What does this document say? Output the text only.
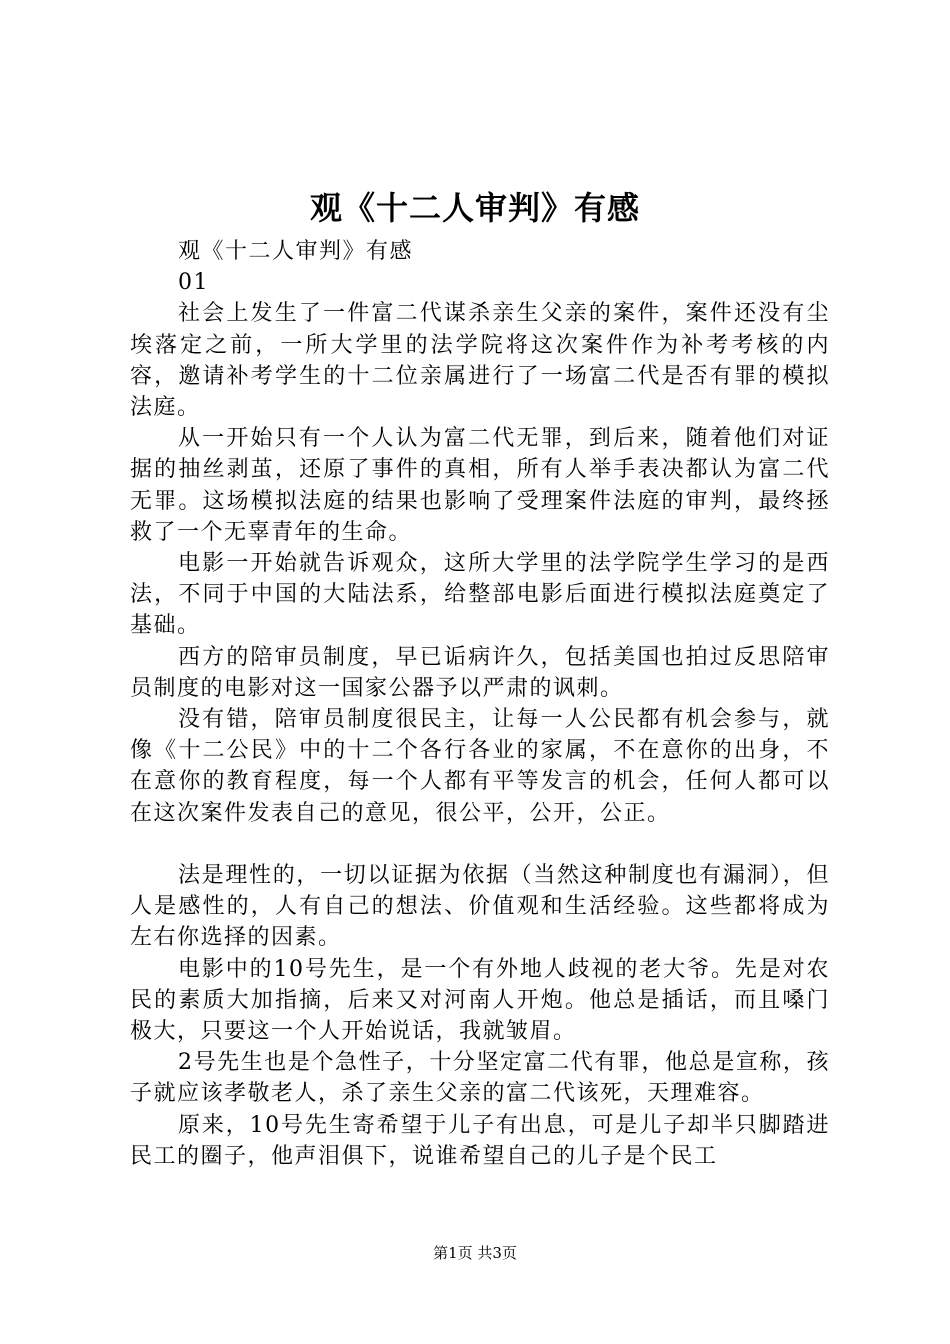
观《十二人审判》有感

观《十二人审判》有感

01

社会上发生了一件富二代谋杀亲生父亲的案件，案件还没有尘埃落定之前，一所大学里的法学院将这次案件作为补考考核的内容，邀请补考学生的十二位亲属进行了一场富二代是否有罪的模拟法庭。

从一开始只有一个人认为富二代无罪，到后来，随着他们对证据的抽丝剥茧，还原了事件的真相，所有人举手表决都认为富二代无罪。这场模拟法庭的结果也影响了受理案件法庭的审判，最终拯救了一个无辜青年的生命。

电影一开始就告诉观众，这所大学里的法学院学生学习的是西法，不同于中国的大陆法系，给整部电影后面进行模拟法庭奠定了基础。

西方的陪审员制度，早已诟病许久，包括美国也拍过反思陪审员制度的电影对这一国家公器予以严肃的讽刺。

没有错，陪审员制度很民主，让每一人公民都有机会参与，就像《十二公民》中的十二个各行各业的家属，不在意你的出身，不在意你的教育程度，每一个人都有平等发言的机会，任何人都可以在这次案件发表自己的意见，很公平，公开，公正。

法是理性的，一切以证据为依据（当然这种制度也有漏洞），但人是感性的，人有自己的想法、价值观和生活经验。这些都将成为左右你选择的因素。

电影中的10号先生，是一个有外地人歧视的老大爷。先是对农民的素质大加指摘，后来又对河南人开炮。他总是插话，而且嗓门极大，只要这一个人开始说话，我就皱眉。

2号先生也是个急性子，十分坚定富二代有罪，他总是宣称，孩子就应该孝敬老人，杀了亲生父亲的富二代该死，天理难容。

原来，10号先生寄希望于儿子有出息，可是儿子却半只脚踏进民工的圈子，他声泪俱下，说谁希望自己的儿子是个民工

第1页 共3页
